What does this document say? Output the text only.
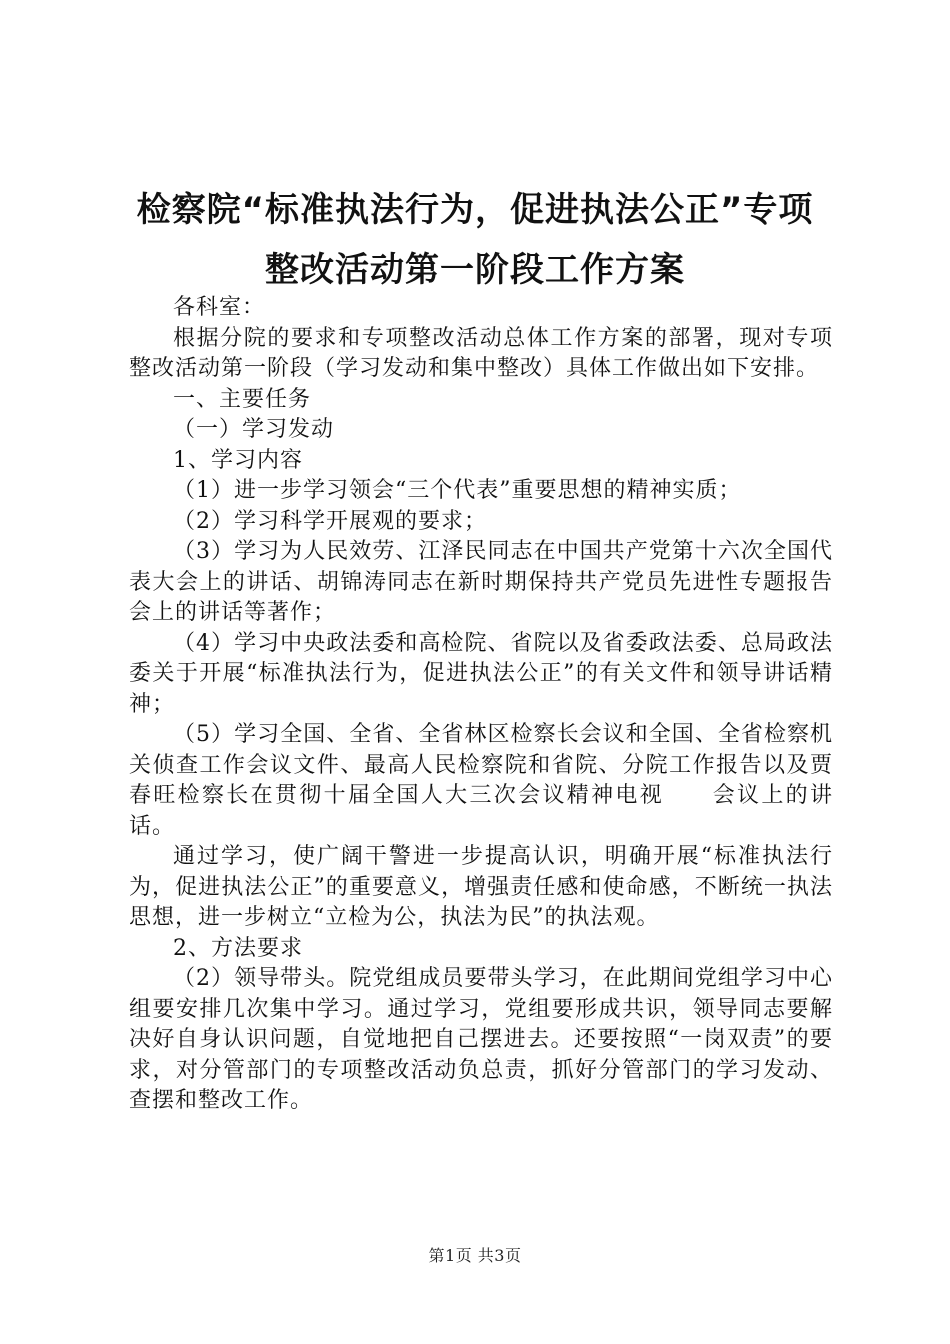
检察院“标准执法行为，促进执法公正”专项
整改活动第一阶段工作方案

各科室：

根据分院的要求和专项整改活动总体工作方案的部署，现对专项整改活动第一阶段（学习发动和集中整改）具体工作做出如下安排。

一、主要任务

（一）学习发动

1、学习内容

（1）进一步学习领会“三个代表”重要思想的精神实质；

（2）学习科学开展观的要求；

（3）学习为人民效劳、江泽民同志在中国共产党第十六次全国代表大会上的讲话、胡锦涛同志在新时期保持共产党员先进性专题报告会上的讲话等著作；

（4）学习中央政法委和高检院、省院以及省委政法委、总局政法委关于开展“标准执法行为，促进执法公正”的有关文件和领导讲话精神；

（5）学习全国、全省、全省林区检察长会议和全国、全省检察机关侦查工作会议文件、最高人民检察院和省院、分院工作报告以及贾春旺检察长在贯彻十届全国人大三次会议精神电视　　会议上的讲话。

通过学习，使广阔干警进一步提高认识，明确开展“标准执法行为，促进执法公正”的重要意义，增强责任感和使命感，不断统一执法思想，进一步树立“立检为公，执法为民”的执法观。

2、方法要求

（2）领导带头。院党组成员要带头学习，在此期间党组学习中心组要安排几次集中学习。通过学习，党组要形成共识，领导同志要解决好自身认识问题，自觉地把自己摆进去。还要按照“一岗双责”的要求，对分管部门的专项整改活动负总责，抓好分管部门的学习发动、查摆和整改工作。

第1页 共3页
